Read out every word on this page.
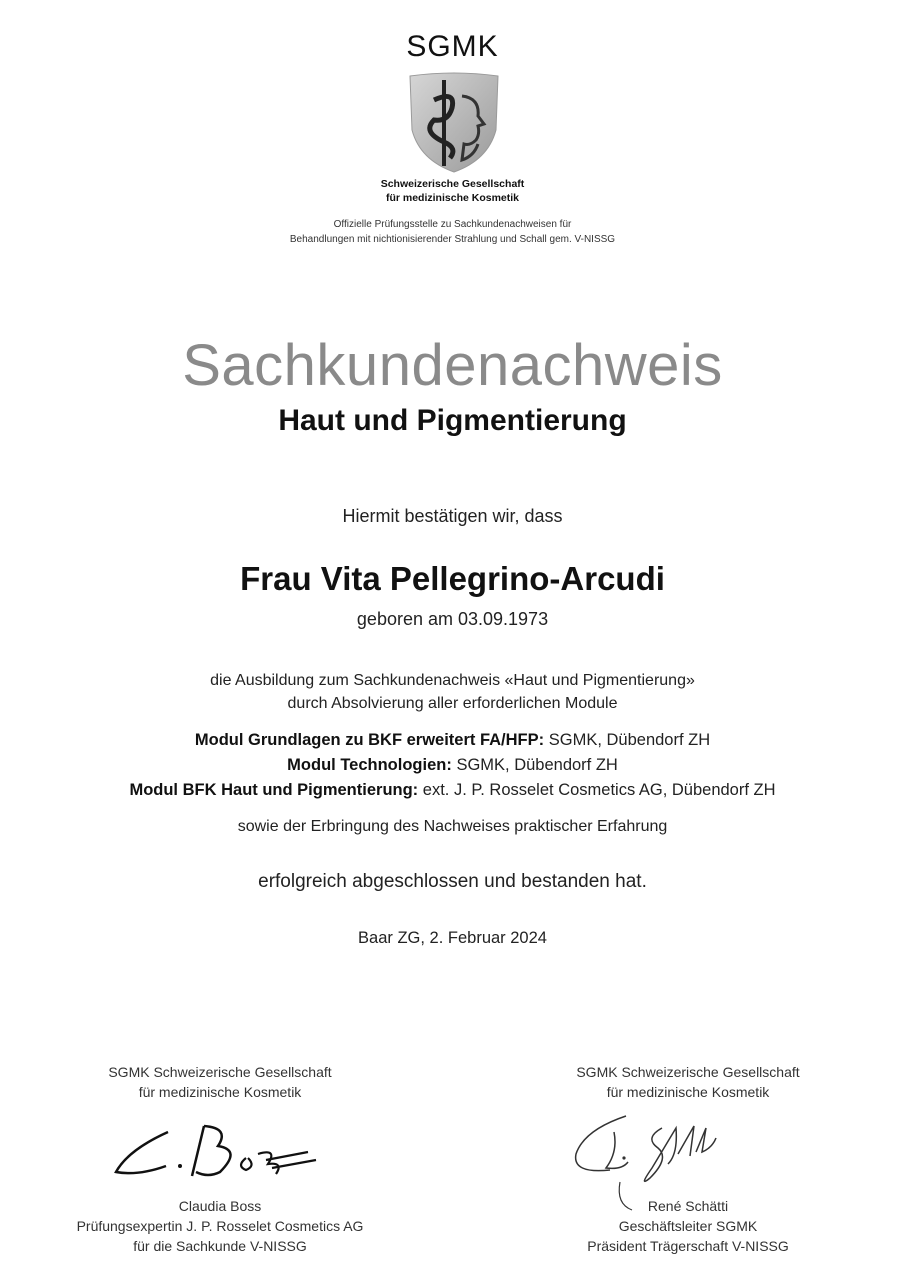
SGMK
Schweizerische Gesellschaft
für medizinische Kosmetik
Offizielle Prüfungsstelle zu Sachkundenachweisen für
Behandlungen mit nichtionisierender Strahlung und Schall gem. V-NISSG
Sachkundenachweis
Haut und Pigmentierung
Hiermit bestätigen wir, dass
Frau Vita Pellegrino-Arcudi
geboren am 03.09.1973
die Ausbildung zum Sachkundenachweis «Haut und Pigmentierung»
durch Absolvierung aller erforderlichen Module
Modul Grundlagen zu BKF erweitert FA/HFP: SGMK, Dübendorf ZH
Modul Technologien: SGMK, Dübendorf ZH
Modul BFK Haut und Pigmentierung: ext. J. P. Rosselet Cosmetics AG, Dübendorf ZH
sowie der Erbringung des Nachweises praktischer Erfahrung
erfolgreich abgeschlossen und bestanden hat.
Baar ZG, 2. Februar 2024
SGMK Schweizerische Gesellschaft
für medizinische Kosmetik
Claudia Boss
Prüfungsexpertin J. P. Rosselet Cosmetics AG
für die Sachkunde V-NISSG
SGMK Schweizerische Gesellschaft
für medizinische Kosmetik
René Schätti
Geschäftsleiter SGMK
Präsident Trägerschaft V-NISSG
